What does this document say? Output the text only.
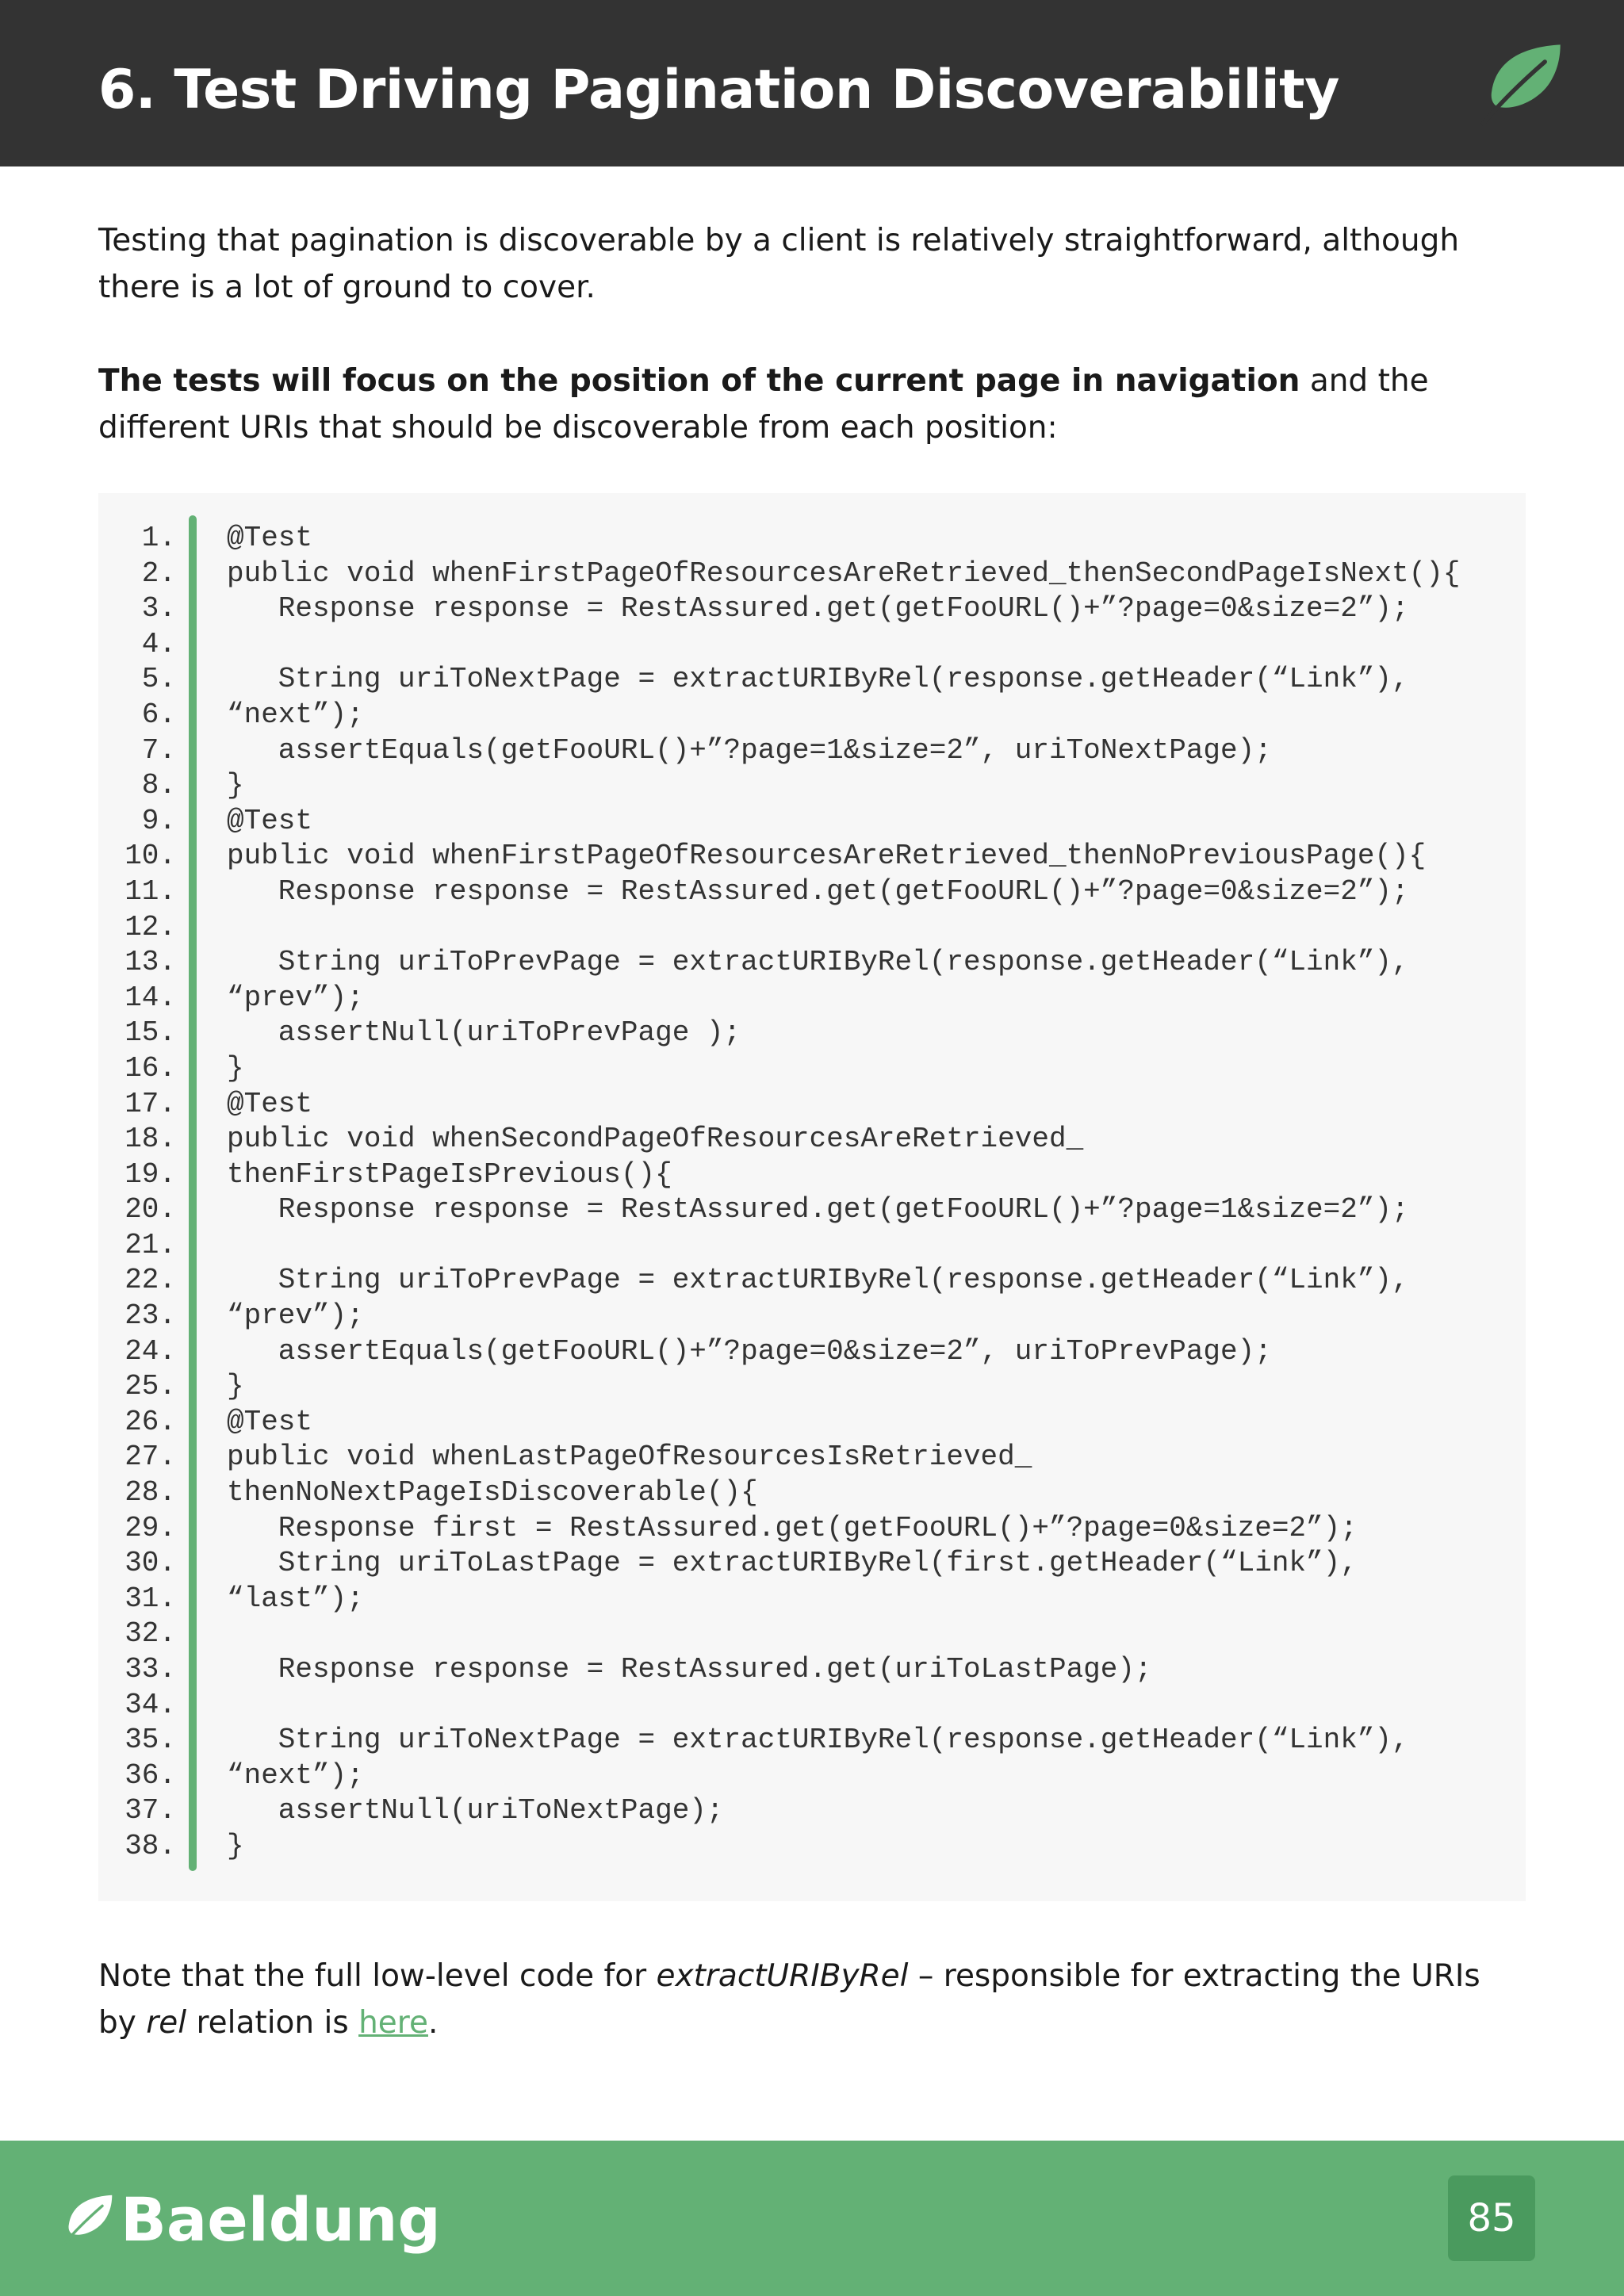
6. Test Driving Pagination Discoverability

Testing that pagination is discoverable by a client is relatively straightforward, although there is a lot of ground to cover.

The tests will focus on the position of the current page in navigation and the different URIs that should be discoverable from each position:

1.
2.
3.
4.
5.
6.
7.
8.
9.
10.
11.
12.
13.
14.
15.
16.
17.
18.
19.
20.
21.
22.
23.
24.
25.
26.
27.
28.
29.
30.
31.
32.
33.
34.
35.
36.
37.
38.
@Test
public void whenFirstPageOfResourcesAreRetrieved_thenSecondPageIsNext(){
Response response = RestAssured.get(getFooURL()+”?page=0&size=2”);
String uriToNextPage = extractURIByRel(response.getHeader(“Link”),
“next”);
assertEquals(getFooURL()+”?page=1&size=2”, uriToNextPage);
}
@Test
public void whenFirstPageOfResourcesAreRetrieved_thenNoPreviousPage(){
Response response = RestAssured.get(getFooURL()+”?page=0&size=2”);
String uriToPrevPage = extractURIByRel(response.getHeader(“Link”),
“prev”);
assertNull(uriToPrevPage );
}
@Test
public void whenSecondPageOfResourcesAreRetrieved_
thenFirstPageIsPrevious(){
Response response = RestAssured.get(getFooURL()+”?page=1&size=2”);
String uriToPrevPage = extractURIByRel(response.getHeader(“Link”),
“prev”);
assertEquals(getFooURL()+”?page=0&size=2”, uriToPrevPage);
}
@Test
public void whenLastPageOfResourcesIsRetrieved_
thenNoNextPageIsDiscoverable(){
Response first = RestAssured.get(getFooURL()+”?page=0&size=2”);
String uriToLastPage = extractURIByRel(first.getHeader(“Link”),
“last”);
Response response = RestAssured.get(uriToLastPage);
String uriToNextPage = extractURIByRel(response.getHeader(“Link”),
“next”);
assertNull(uriToNextPage);
}

Note that the full low-level code for extractURIByRel – responsible for extracting the URIs by rel relation is here.

Baeldung	85
